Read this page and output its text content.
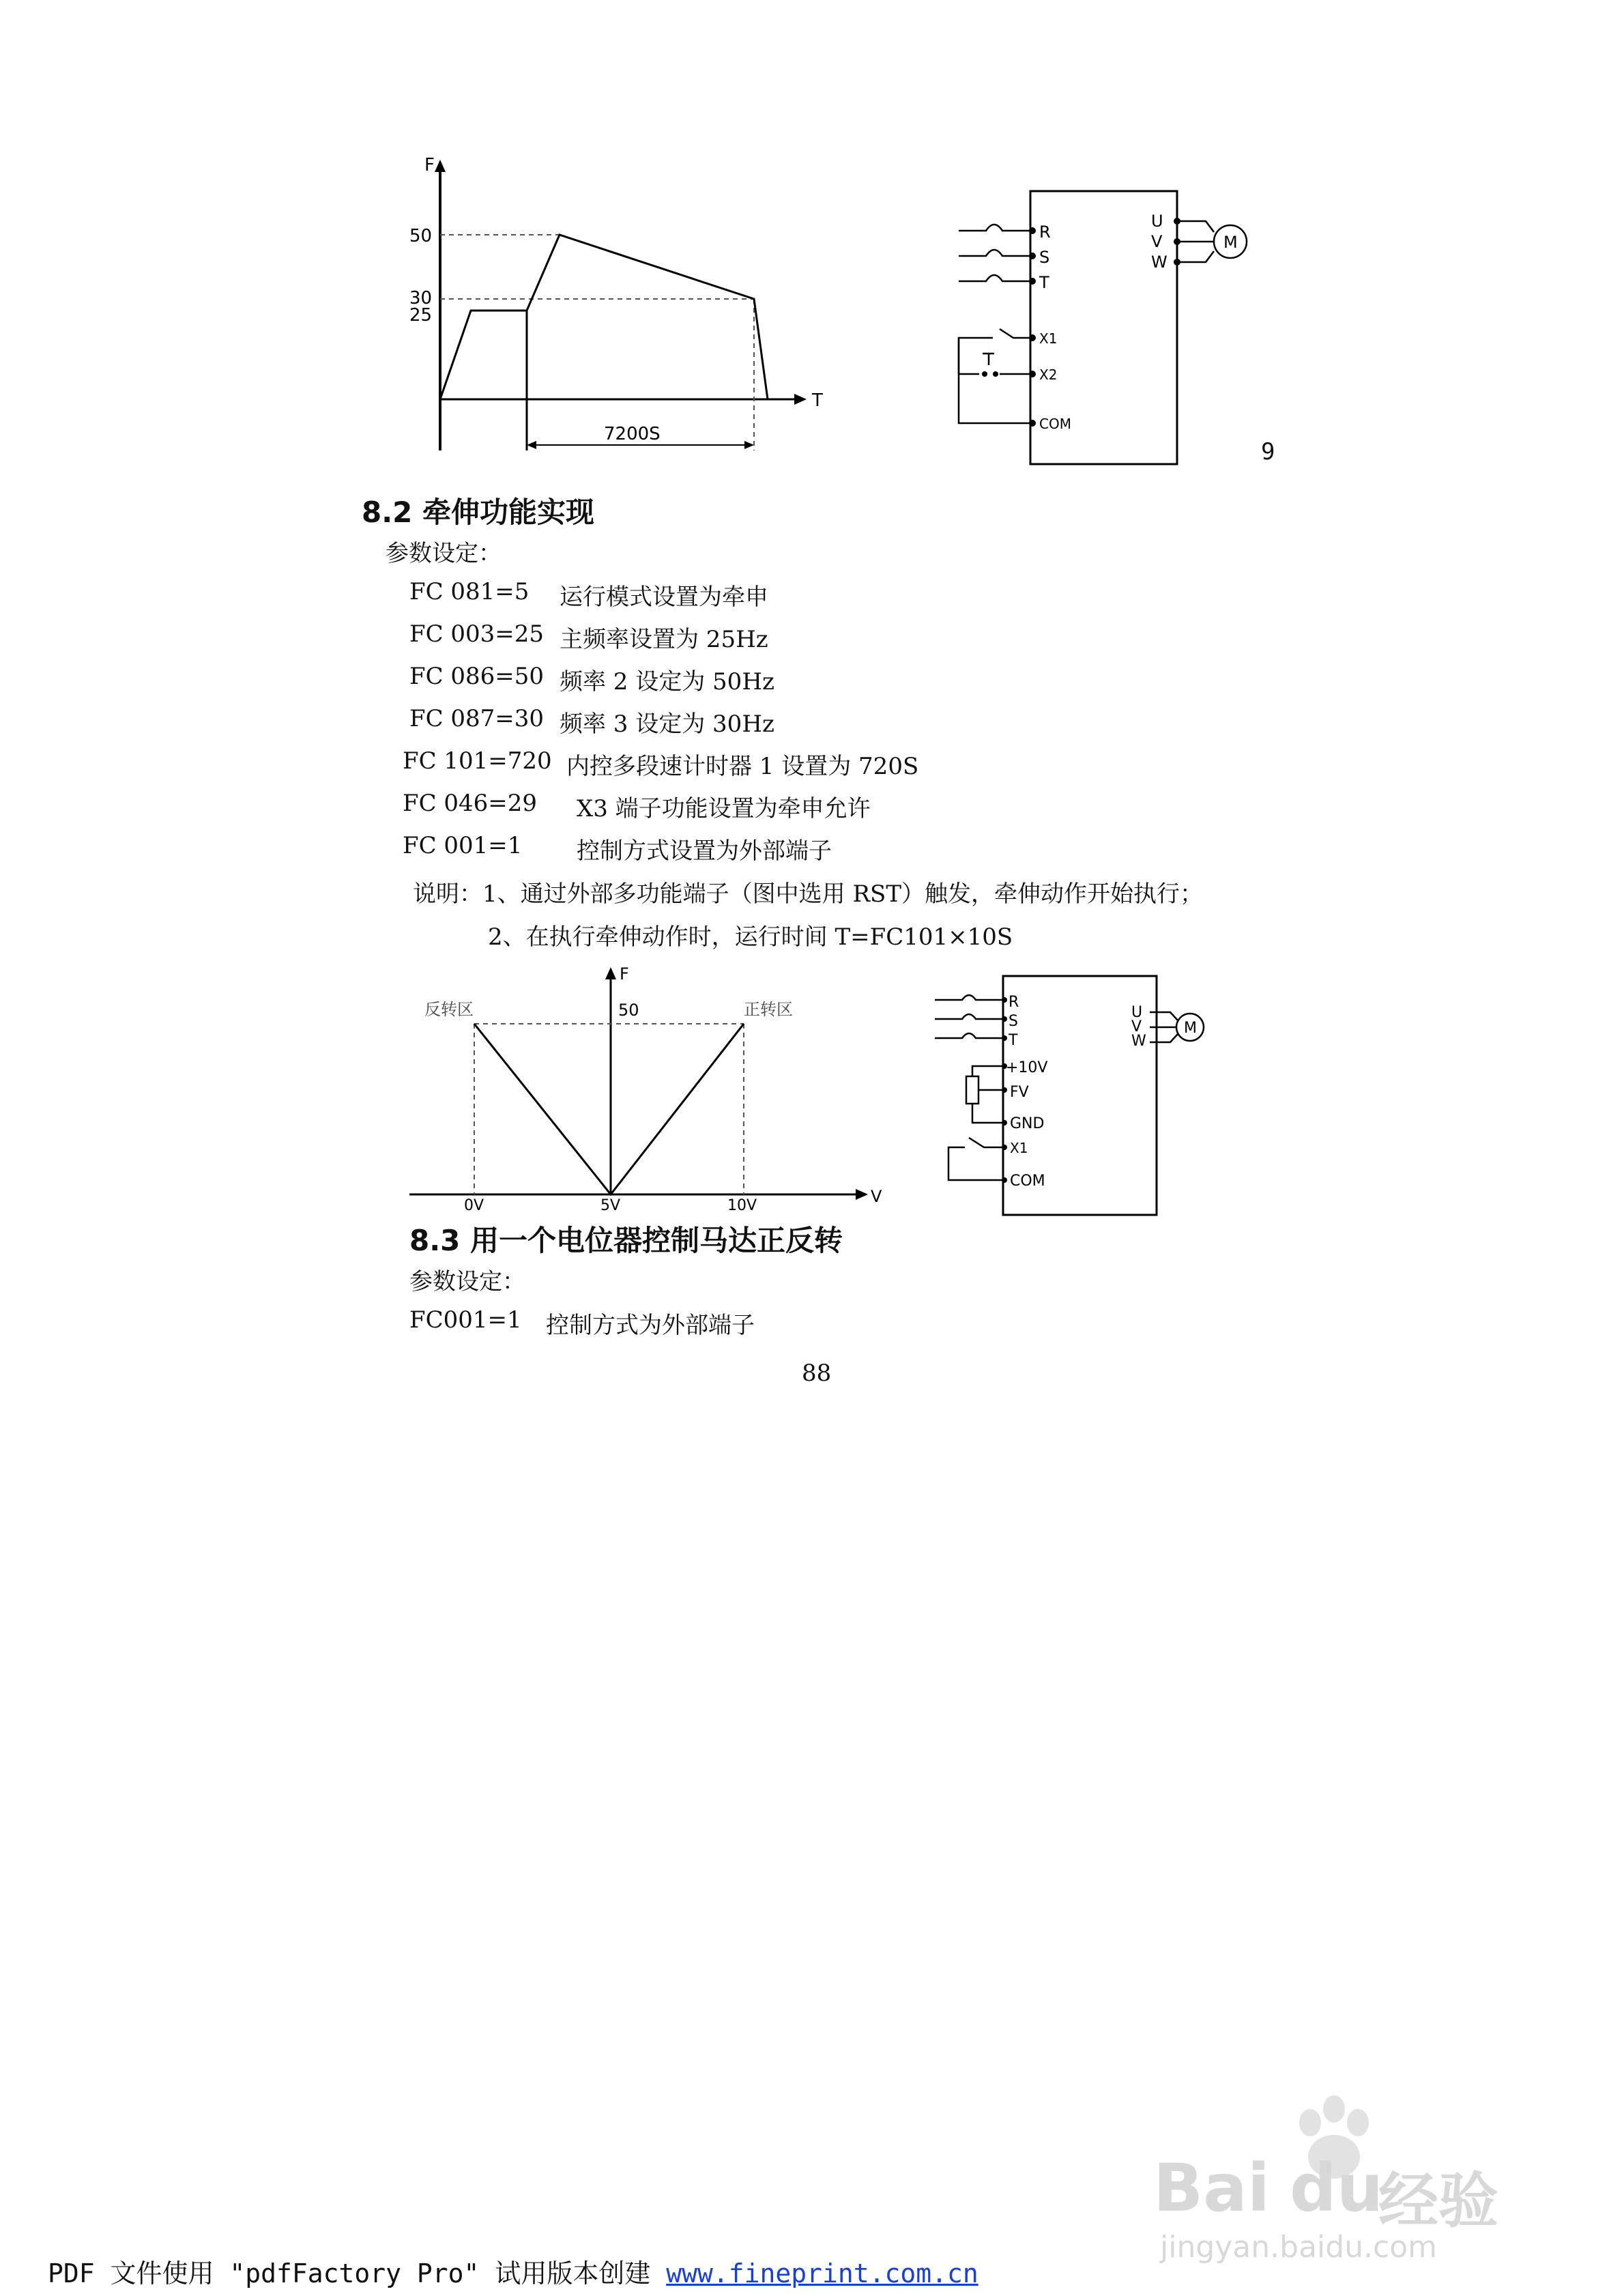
F
T
50
30
25
7200S
R
S
T
U
V
W
M
X1
X2
COM
9
8.2 牵伸功能实现
参数设定：
FC 081=5 运行模式设置为牵申
FC 003=25 主频率设置为 25Hz
FC 086=50 频率 2 设定为 50Hz
FC 087=30 频率 3 设定为 30Hz
FC 101=720 内控多段速计时器 1 设置为 720S
FC 046=29 X3 端子功能设置为牵申允许
FC 001=1 控制方式设置为外部端子
说明：1、通过外部多功能端子（图中选用 RST）触发，牵伸动作开始执行；
2、在执行牵伸动作时，运行时间 T=FC101×10S
V
F
50
反转区	正转区
0V	5V	10V
R
S
T
U
V
W
M
+10V
FV
GND
X1
COM
8.3 用一个电位器控制马达正反转
参数设定：
FC001=1 控制方式为外部端子
88
Bai du
经验
jingyan.baidu.com
PDF 文件使用 "pdfFactory Pro" 试用版本创建 www.fineprint.com.cn
